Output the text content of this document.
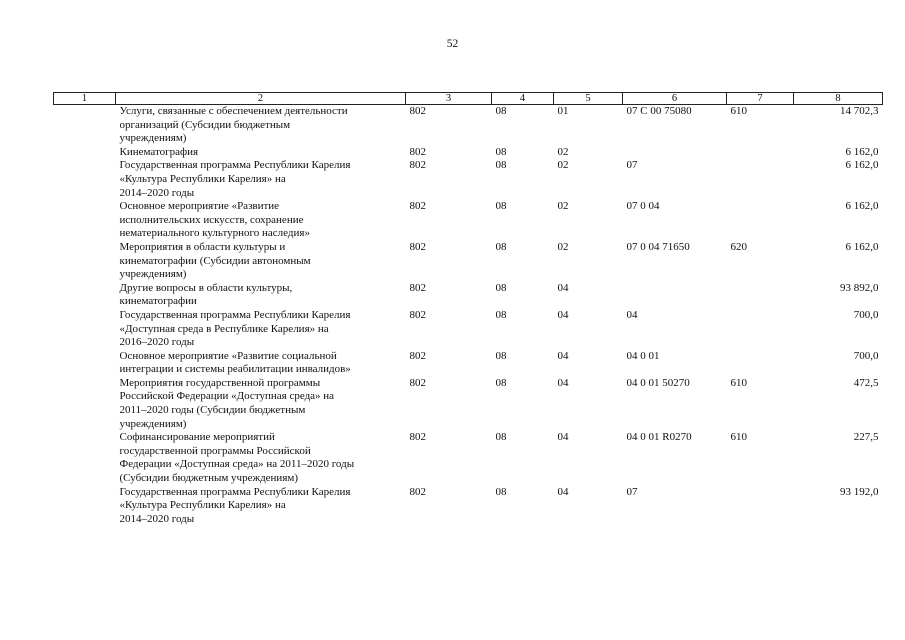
52
1	2	3	4	5	6	7	8

	Услуги, связанные с обеспечением деятельности
организаций (Субсидии бюджетным
учреждениям)	802	08	01	07 С 00 75080	610	14 702,3

	Кинематография	802	08	02			6 162,0

	Государственная программа Республики Карелия
«Культура Республики Карелия» на
2014–2020 годы	802	08	02	07		6 162,0

	Основное мероприятие «Развитие
исполнительских искусств, сохранение
нематериального культурного наследия»	802	08	02	07 0 04		6 162,0

	Мероприятия в области культуры и
кинематографии (Субсидии автономным
учреждениям)	802	08	02	07 0 04 71650	620	6 162,0

	Другие вопросы в области культуры,
кинематографии	802	08	04			93 892,0

	Государственная программа Республики Карелия
«Доступная среда в Республике Карелия» на
2016–2020 годы	802	08	04	04		700,0

	Основное мероприятие «Развитие социальной
интеграции и системы реабилитации инвалидов»	802	08	04	04 0 01		700,0

	Мероприятия государственной программы
Российской Федерации «Доступная среда» на
2011–2020 годы (Субсидии бюджетным
учреждениям)	802	08	04	04 0 01 50270	610	472,5

	Софинансирование мероприятий
государственной программы Российской
Федерации «Доступная среда» на 2011–2020 годы
(Субсидии бюджетным учреждениям)	802	08	04	04 0 01 R0270	610	227,5

	Государственная программа Республики Карелия
«Культура Республики Карелия» на
2014–2020 годы	802	08	04	07		93 192,0
